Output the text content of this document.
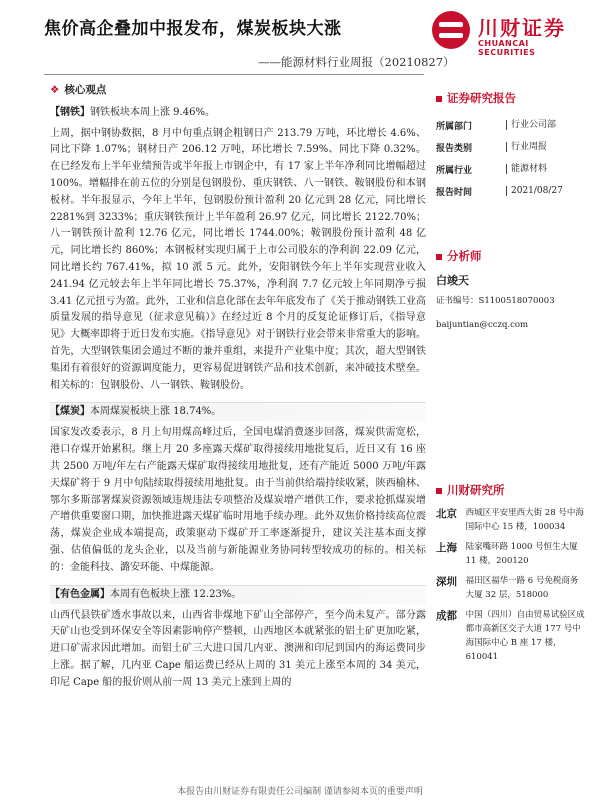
焦价高企叠加中报发布，煤炭板块大涨
——能源材料行业周报（20210827）
川财证券
CHUANCAI SECURITIES
❖ 核心观点

【钢铁】钢铁板块本周上涨 9.46%。

上周，据中钢协数据，8 月中旬重点钢企粗钢日产 213.79 万吨，环比增长 4.6%、同比下降 1.07%；钢材日产 206.12 万吨，环比增长 7.59%、同比下降 0.32%。在已经发布上半年业绩预告或半年报上市钢企中，有 17 家上半年净利同比增幅超过 100%。增幅排在前五位的分别是包钢股份、重庆钢铁、八一钢铁、鞍钢股份和本钢板材。半年报显示，今年上半年，包钢股份预计盈利 20 亿元到 28 亿元，同比增长 2281%到 3233%；重庆钢铁预计上半年盈利 26.97 亿元，同比增长 2122.70%；八一钢铁预计盈利 12.76 亿元，同比增长 1744.00%；鞍钢股份预计盈利 48 亿元，同比增长约 860%；本钢板材实现归属于上市公司股东的净利润 22.09 亿元，同比增长约 767.41%，拟 10 派 5 元。此外，安阳钢铁今年上半年实现营业收入 241.94 亿元较去年上半年同比增长 75.37%，净利润 7.7 亿元较上年同期净亏损 3.41 亿元扭亏为盈。此外，工业和信息化部在去年年底发布了《关于推动钢铁工业高质量发展的指导意见（征求意见稿）》在经过近 8 个月的反复论证修订后，《指导意见》大概率即将于近日发布实施。《指导意见》对于钢铁行业会带来非常重大的影响。首先，大型钢铁集团会通过不断的兼并重组，来提升产业集中度；其次，超大型钢铁集团有着很好的资源调度能力，更容易促进钢铁产品和技术创新，来冲破技术壁垒。相关标的：包钢股份、八一钢铁、鞍钢股份。

【煤炭】本周煤炭板块上涨 18.74%。

国家发改委表示，8 月上旬用煤高峰过后，全国电煤消费逐步回落，煤炭供需宽松，港口存煤开始累积。继上月 20 多座露天煤矿取得接续用地批复后，近日又有 16 座共 2500 万吨/年左右产能露天煤矿取得接续用地批复，还有产能近 5000 万吨/年露天煤矿将于 9 月中旬陆续取得接续用地批复。由于当前供给端持续收紧，陕西榆林、鄂尔多斯部署煤炭资源领域违规违法专项整治及煤炭增产增供工作，要求抢抓煤炭增产增供重要窗口期，加快推进露天煤矿临时用地手续办理。此外双焦价格持续高位震荡，煤炭企业成本端提高，政策驱动下煤矿开工率逐渐提升，建议关注基本面支撑强、估值偏低的龙头企业，以及当前与新能源业务协同转型较成功的标的。相关标的：金能科技、潞安环能、中煤能源。

【有色金属】本周有色板块上涨 12.23%。

山西代县铁矿透水事故以来，山西省非煤地下矿山全部停产，至今尚未复产。部分露天矿山也受到环保安全等因素影响停产整顿，山西地区本就紧张的铝土矿更加吃紧，进口矿需求因此增加。而铝土矿三大进口国几内亚、澳洲和印尼到国内的海运费同步上涨。据了解，几内亚 Cape 船运费已经从上周的 31 美元上涨至本周的 34 美元，印尼 Cape 船的报价则从前一周 13 美元上涨到上周的

证券研究报告
所属部门	行业公司部
报告类别	行业周报
所属行业	能源材料
报告时间	2021/08/27
分析师
白竣天
证书编号：S1100518070003
baijuntian@cczq.com
川财研究所
北京	西城区平安里西大街 28 号中海国际中心 15 楼，100034
上海	陆家嘴环路 1000 号恒生大厦 11 楼，200120
深圳	福田区福华一路 6 号免税商务大厦 32 层，518000
成都	中国（四川）自由贸易试验区成都市高新区交子大道 177 号中海国际中心 B 座 17 楼，610041
本报告由川财证券有限责任公司编制 谨请参阅本页的重要声明
